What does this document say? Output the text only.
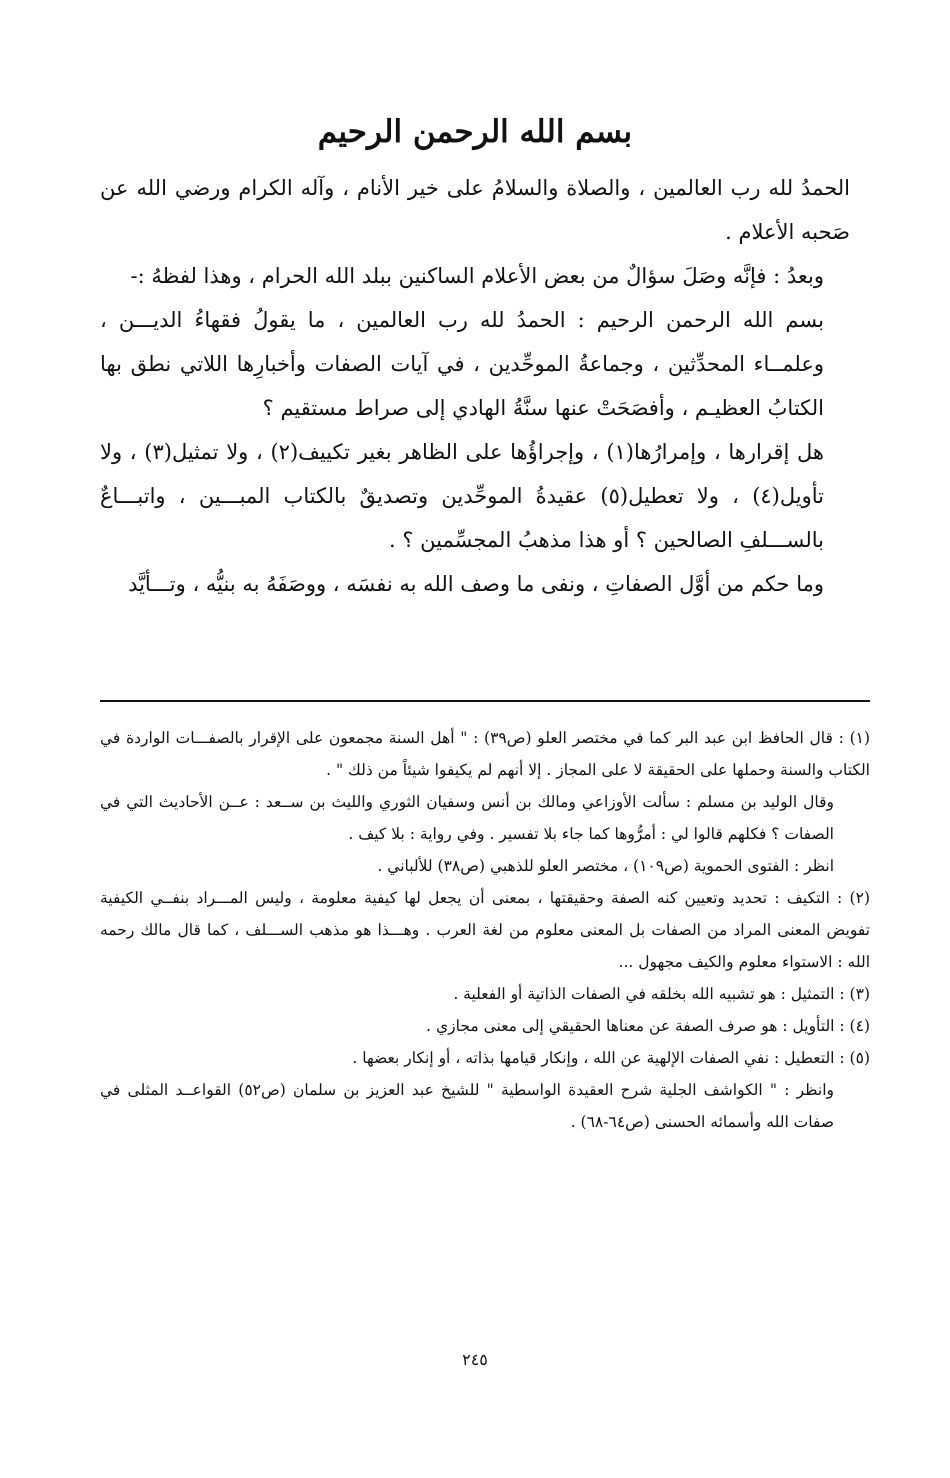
بسم الله الرحمن الرحيم

الحمدُ لله رب العالمين ، والصلاة والسلامُ على خير الأنام ، وآله الكرام ورضي الله عن صَحبه الأعلام .

وبعدُ : فإنَّه وصَلَ سؤالٌ من بعض الأعلام الساكنين ببلد الله الحرام ، وهذا لفظهُ :-

بسم الله الرحمن الرحيم : الحمدُ لله رب العالمين ، ما يقولُ فقهاءُ الديـــن ، وعلمــاء المحدِّثين ، وجماعةُ الموحِّدين ، في آيات الصفات وأخبارِها اللاتي نطق بها الكتابُ العظيـم ، وأفصَحَتْ عنها سنَّةُ الهادي إلى صراط مستقيم ؟

هل إقرارها ، وإمرارُها(١) ، وإجراؤُها على الظاهر بغير تكييف(٢) ، ولا تمثيل(٣) ، ولا تأويل(٤) ، ولا تعطيل(٥) عقيدةُ الموحِّدين وتصديقٌ بالكتاب المبـــين ، واتبـــاعٌ بالســـلفِ الصالحين ؟ أو هذا مذهبُ المجسِّمين ؟ .

وما حكم من أوَّل الصفاتِ ، ونفى ما وصف الله به نفسَه ، ووصَفَهُ به بنيُّه ، وتـــأيَّد

(١) : قال الحافظ ابن عبد البر كما في مختصر العلو (ص٣٩) : " أهل السنة مجمعون على الإقرار بالصفـــات الواردة في الكتاب والسنة وحملها على الحقيقة لا على المجاز . إلا أنهم لم يكيفوا شيئاً من ذلك " .

وقال الوليد بن مسلم : سألت الأوزاعي ومالك بن أنس وسفيان الثوري والليث بن ســعد : عــن الأحاديث التي في الصفات ؟ فكلهم قالوا لي : أمرُّوها كما جاء بلا تفسير . وفي رواية : بلا كيف .

انظر : الفتوى الحموية (ص١٠٩) ، مختصر العلو للذهبي (ص٣٨) للألباني .

(٢) : التكيف : تحديد وتعيين كنه الصفة وحقيقتها ، بمعنى أن يجعل لها كيفية معلومة ، وليس المـــراد بنفــي الكيفية تفويض المعنى المراد من الصفات بل المعنى معلوم من لغة العرب . وهـــذا هو مذهب الســـلف ، كما قال مالك رحمه الله : الاستواء معلوم والكيف مجهول ...

(٣) : التمثيل : هو تشبيه الله بخلقه في الصفات الذاتية أو الفعلية .

(٤) : التأويل : هو صرف الصفة عن معناها الحقيقي إلى معنى مجازي .

(٥) : التعطيل : نفي الصفات الإلهية عن الله ، وإنكار قيامها بذاته ، أو إنكار بعضها .

وانظر : " الكواشف الجلية شرح العقيدة الواسطية " للشيخ عبد العزيز بن سلمان (ص٥٢) القواعــد المثلى في صفات الله وأسمائه الحسنى (ص٦٤-٦٨) .

٢٤٥
